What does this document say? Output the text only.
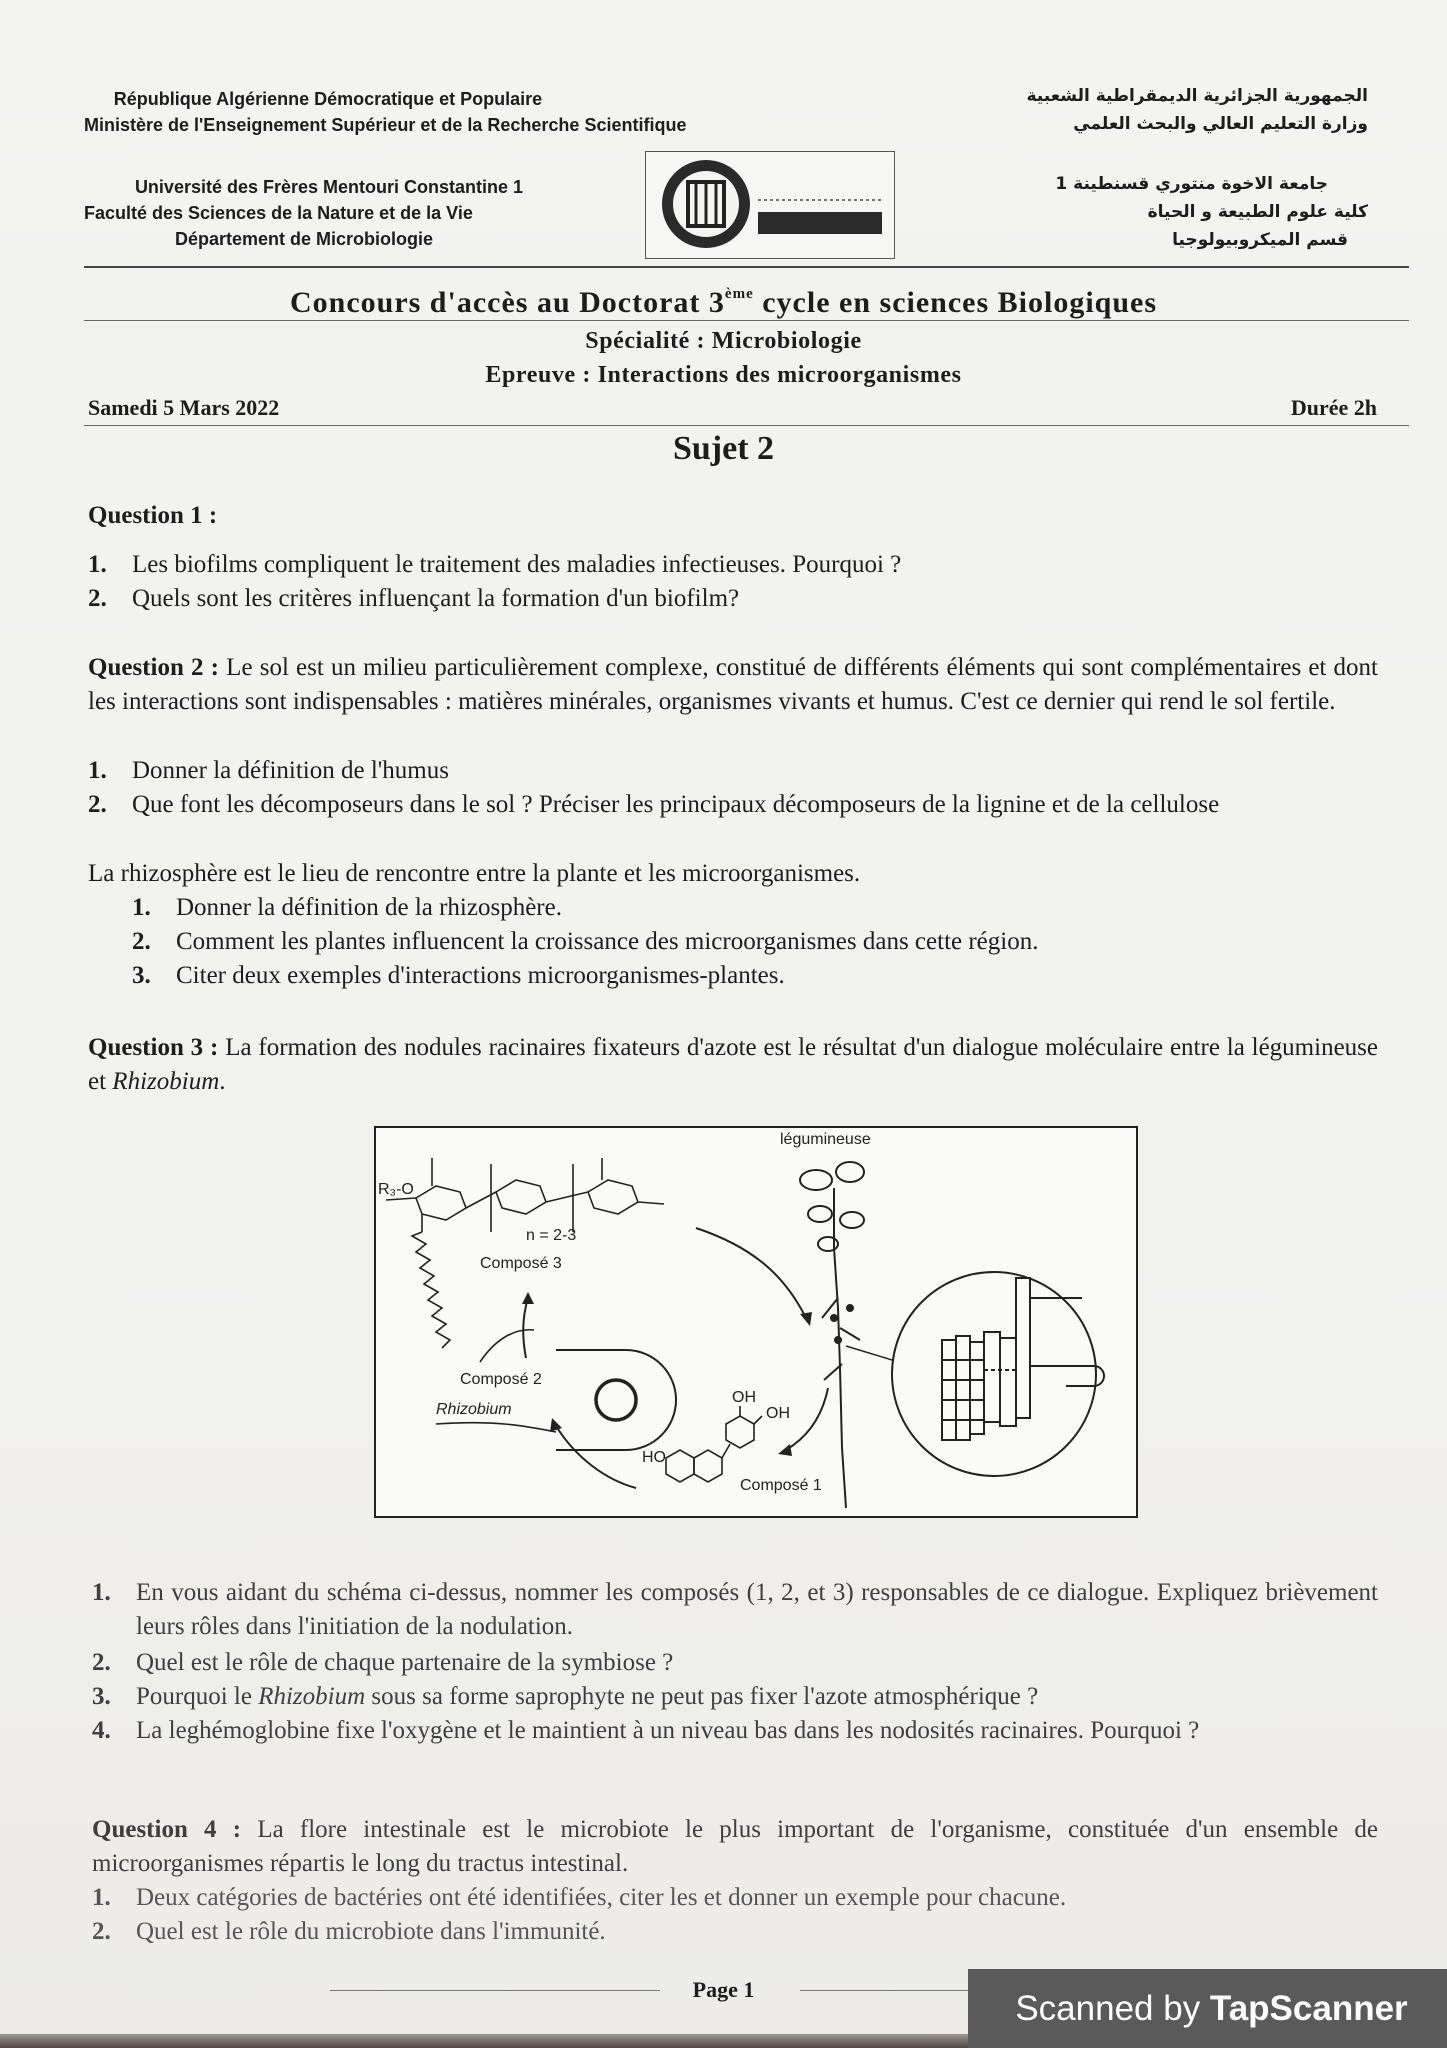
République Algérienne Démocratique et Populaire
Ministère de l'Enseignement Supérieur et de la Recherche Scientifique
Université des Frères Mentouri Constantine 1
Faculté des Sciences de la Nature et de la Vie
Département de Microbiologie
الجمهورية الجزائرية الديمقراطية الشعبية
وزارة التعليم العالي والبحث العلمي
جامعة الاخوة منتوري قسنطينة 1
كلية علوم الطبيعة و الحياة
قسم الميكروبيولوجيا
Concours d'accès au Doctorat 3ème cycle en sciences Biologiques
Spécialité : Microbiologie
Epreuve : Interactions des microorganismes
Samedi 5 Mars 2022	Durée 2h
Sujet 2
Question 1 :
1. Les biofilms compliquent le traitement des maladies infectieuses. Pourquoi ?
2. Quels sont les critères influençant la formation d'un biofilm?
Question 2 : Le sol est un milieu particulièrement complexe, constitué de différents éléments qui sont complémentaires et dont les interactions sont indispensables : matières minérales, organismes vivants et humus. C'est ce dernier qui rend le sol fertile.
1. Donner la définition de l'humus
2. Que font les décomposeurs dans le sol ? Préciser les principaux décomposeurs de la lignine et de la cellulose
La rhizosphère est le lieu de rencontre entre la plante et les microorganismes.
1. Donner la définition de la rhizosphère.
2. Comment les plantes influencent la croissance des microorganismes dans cette région.
3. Citer deux exemples d'interactions microorganismes-plantes.
Question 3 : La formation des nodules racinaires fixateurs d'azote est le résultat d'un dialogue moléculaire entre la légumineuse et Rhizobium.
R₃-O
n = 2-3
Composé 3
Composé 2
Rhizobium
HO
OH
OH
Composé 1
légumineuse
1. En vous aidant du schéma ci-dessus, nommer les composés (1, 2, et 3) responsables de ce dialogue. Expliquez brièvement leurs rôles dans l'initiation de la nodulation.
2. Quel est le rôle de chaque partenaire de la symbiose ?
3. Pourquoi le Rhizobium sous sa forme saprophyte ne peut pas fixer l'azote atmosphérique ?
4. La leghémoglobine fixe l'oxygène et le maintient à un niveau bas dans les nodosités racinaires. Pourquoi ?
Question 4 : La flore intestinale est le microbiote le plus important de l'organisme, constituée d'un ensemble de microorganismes répartis le long du tractus intestinal.
1. Deux catégories de bactéries ont été identifiées, citer les et donner un exemple pour chacune.
2. Quel est le rôle du microbiote dans l'immunité.
Page 1	Scanned by TapScanner
